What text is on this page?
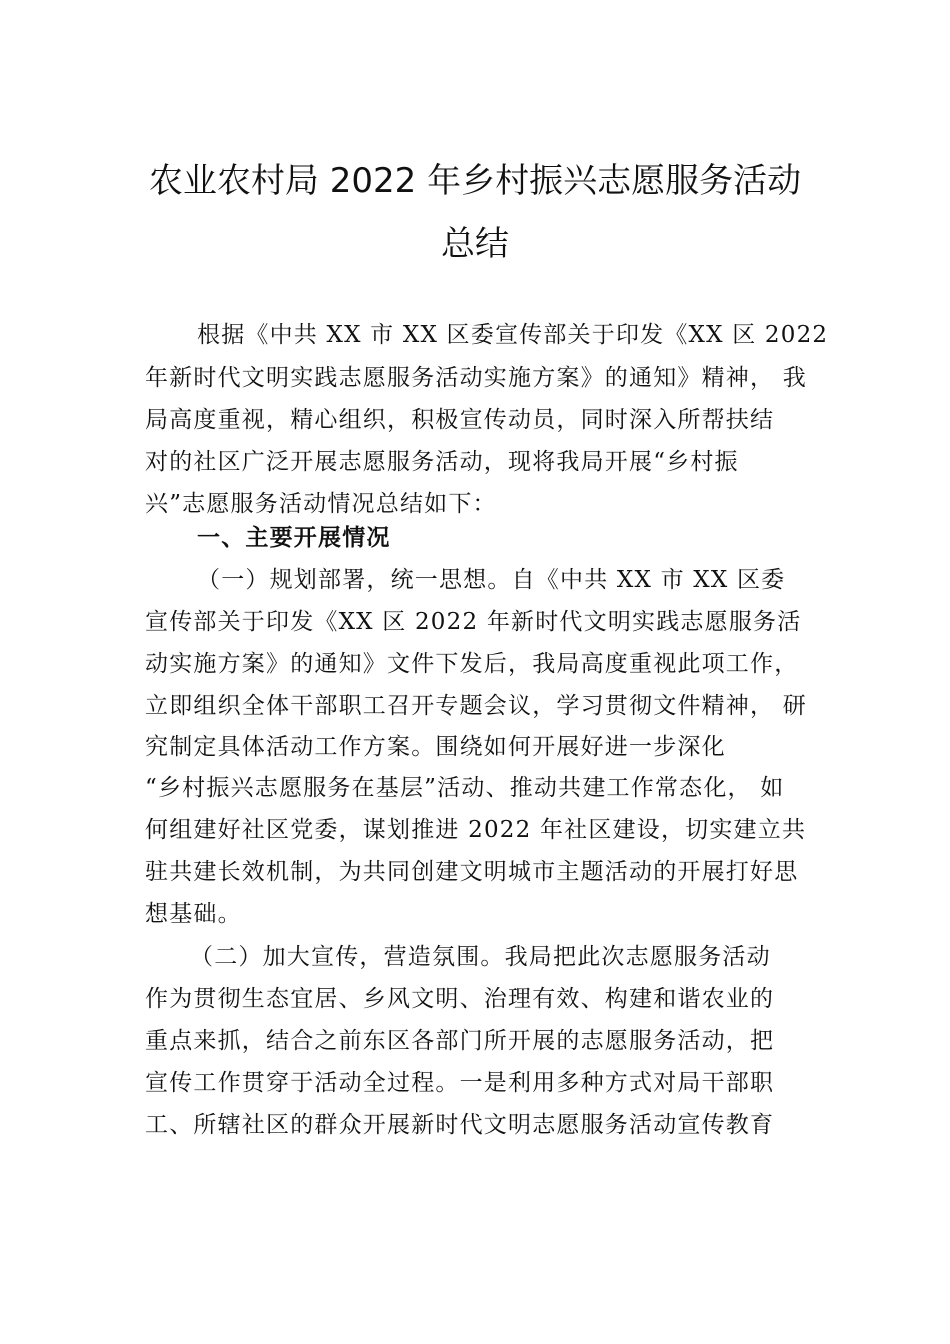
农业农村局 2022 年乡村振兴志愿服务活动
总结
根据《中共 XX 市 XX 区委宣传部关于印发《XX 区 2022
年新时代文明实践志愿服务活动实施方案》的通知》精神， 我
局高度重视，精心组织，积极宣传动员，同时深入所帮扶结
对的社区广泛开展志愿服务活动，现将我局开展“乡村振
兴”志愿服务活动情况总结如下：
一、主要开展情况
（一）规划部署，统一思想。自《中共 XX 市 XX 区委
宣传部关于印发《XX 区 2022 年新时代文明实践志愿服务活
动实施方案》的通知》文件下发后，我局高度重视此项工作，
立即组织全体干部职工召开专题会议，学习贯彻文件精神， 研
究制定具体活动工作方案。围绕如何开展好进一步深化
“乡村振兴志愿服务在基层”活动、推动共建工作常态化， 如
何组建好社区党委，谋划推进 2022 年社区建设，切实建立共
驻共建长效机制，为共同创建文明城市主题活动的开展打好思
想基础。
（二）加大宣传，营造氛围。我局把此次志愿服务活动
作为贯彻生态宜居、乡风文明、治理有效、构建和谐农业的
重点来抓，结合之前东区各部门所开展的志愿服务活动，把
宣传工作贯穿于活动全过程。一是利用多种方式对局干部职
工、所辖社区的群众开展新时代文明志愿服务活动宣传教育
